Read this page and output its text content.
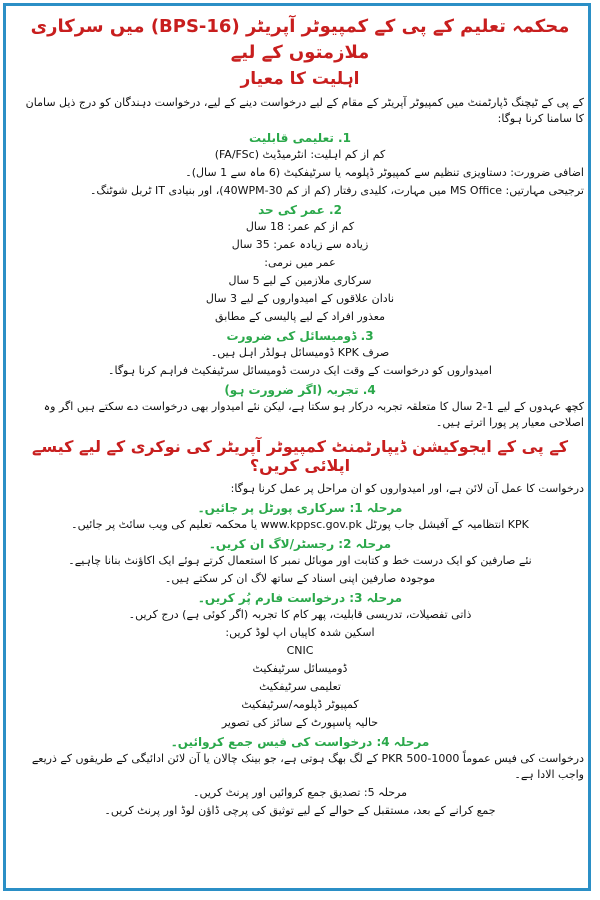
محکمہ تعلیم کے پی کے کمپیوٹر آپریٹر (BPS-16) میں سرکاری ملازمتوں کے لیے
اہلیت کا معیار
کے پی کے ٹیچنگ ڈپارٹمنٹ میں کمپیوٹر آپریٹر کے مقام کے لیے درخواست دینے کے لیے، درخواست دہندگان کو درج ذیل سامان کا سامنا کرنا ہوگا:
1. تعلیمی قابلیت
کم از کم اہلیت: انٹرمیڈیٹ (FA/FSc)
اضافی ضرورت: دستاویزی تنظیم سے کمپیوٹر ڈپلومہ یا سرٹیفکیٹ (6 ماہ سے 1 سال)۔
ترجیحی مہارتیں: MS Office میں مہارت، کلیدی رفتار (کم از کم 30-40WPM)، اور بنیادی IT ٹربل شوٹنگ۔
2. عمر کی حد
کم از کم عمر: 18 سال
زیادہ سے زیادہ عمر: 35 سال
عمر میں نرمی:
سرکاری ملازمین کے لیے 5 سال
نادان علاقوں کے امیدواروں کے لیے 3 سال
معذور افراد کے لیے پالیسی کے مطابق
3. ڈومیسائل کی ضرورت
صرف KPK ڈومیسائل ہولڈر اہل ہیں۔
امیدواروں کو درخواست کے وقت ایک درست ڈومیسائل سرٹیفکیٹ فراہم کرنا ہوگا۔
4. تجربہ (اگر ضرورت ہو)
کچھ عہدوں کے لیے 1-2 سال کا متعلقہ تجربہ درکار ہو سکتا ہے، لیکن نئے امیدوار بھی درخواست دے سکتے ہیں اگر وہ اصلاحی معیار پر پورا اترتے ہیں۔
کے پی کے ایجوکیشن ڈیپارٹمنٹ کمپیوٹر آپریٹر کی نوکری کے لیے کیسے اپلائی کریں؟
درخواست کا عمل آن لائن ہے، اور امیدواروں کو ان مراحل پر عمل کرنا ہوگا:
مرحلہ 1: سرکاری پورٹل پر جائیں۔
KPK انتظامیہ کے آفیشل جاب پورٹل www.kppsc.gov.pk یا محکمہ تعلیم کی ویب سائٹ پر جائیں۔
مرحلہ 2: رجسٹر/لاگ ان کریں۔
نئے صارفین کو ایک درست خط و کتابت اور موبائل نمبر کا استعمال کرتے ہوئے ایک اکاؤنٹ بنانا چاہیے۔
موجودہ صارفین اپنی اسناد کے ساتھ لاگ ان کر سکتے ہیں۔
مرحلہ 3: درخواست فارم پُر کریں۔
ذاتی تفصیلات، تدریسی قابلیت، پھر کام کا تجربہ (اگر کوئی ہے) درج کریں۔
اسکین شدہ کاپیاں اپ لوڈ کریں:
CNIC
ڈومیسائل سرٹیفکیٹ
تعلیمی سرٹیفکیٹ
کمپیوٹر ڈپلومہ/سرٹیفکیٹ
حالیہ پاسپورٹ کے سائز کی تصویر
مرحلہ 4: درخواست کی فیس جمع کروائیں۔
درخواست کی فیس عموماً PKR 500-1000 کے لگ بھگ ہوتی ہے، جو بینک چالان یا آن لائن ادائیگی کے طریقوں کے ذریعے واجب الادا ہے۔
مرحلہ 5: تصدیق جمع کروائیں اور پرنٹ کریں۔
جمع کرانے کے بعد، مستقبل کے حوالے کے لیے توثیق کی پرچی ڈاؤن لوڈ اور پرنٹ کریں۔
